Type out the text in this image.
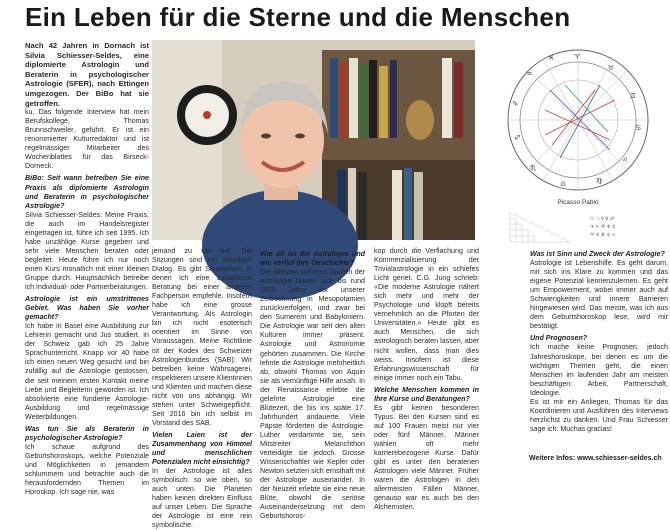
Ein Leben für die Sterne und die Menschen

Nach 42 Jahren in Dornach ist Silvia Schiesser-Seldes, eine diplomierte Astrologin und Beraterin in psychologischer Astrologie (SFER), nach Ettingen umgezogen. Der BiBo hat sie getroffen.

ku. Das folgende Interview hat mein Berufskollege, Thomas Brunnschweiler, geführt. Er ist ein renommierter Kulturredaktor und ist regelmässiger Mitarbeiter des Wochenblattes für das Birseck-Dorneck.

BiBo: Seit wann betreiben Sie eine Praxis als diplomierte Astrologin und Beraterin in psychologischer Astrologie?

Silvia Schiesser-Seldes: Meine Praxis, die auch im Handelsregister eingetragen ist, führe ich seit 1995. Ich habe unzählige Kurse gegeben und sehr viele Menschen beraten oder begleitet. Heute führe ich nur noch einen Kurs monatlich mit einer kleinen Gruppe durch. Hauptsächlich betreibe ich Individual- oder Partnerberatungen.

Astrologie ist ein umstrittenes Gebiet. Was haben Sie vorher gemacht?

Ich habe in Basel eine Ausbildung zur Lehrerin gemacht und Jus studiert. In der Schweiz gab ich 25 Jahre Sprachunterricht. Knapp vor 40 habe ich einen neuen Weg gesucht und bin zufällig auf die Astrologie gestossen, die seit meinem ersten Kontakt meine Liebe und Begleiterin geworden ist. Ich absolvierte eine fundierte Astrologie-Ausbildung und regelmässige Weiterbildungen.

Was tun Sie als Beraterin in psychologischer Astrologie?

Ich schaue aufgrund des Geburtshoroskops, welche Potenziale und Möglichkeiten in jemandem schlummern und betrachte auch die herausfordernden Themen im Horoskop. Ich sage nie, was

♈
♉
♊
♋
♌
♍
♎
♏
♐
♑
♒
♓
Picasso Pablo
☉ ☽ ☿ ♀ ♂
♃ ♄ ♅ ♆ ♇
♈ ♉ ♊ ♋ ♌

jemand zu tun hat. Die Sitzungen sind ein ständiger Dialog. Es gibt Situationen, in denen ich eine zusätzliche Beratung bei einer anderen Fachperson empfehle. Insofern habe ich eine grosse Verantwortung. Als Astrologin bin ich nicht esoterisch orientiert im Sinne von Voraussagen. Meine Richtlinie ist der Kodex des Schweizer Astrologenbundes (SAB): Wir betreiben keine Wahrsagerei, respektieren unsere Klientinnen und Klienten und machen diese nicht von uns abhängig. Wir stehen unter Schweigepflicht. Seit 2016 bin ich selbst im Vorstand des SAB.

Vielen Laien ist der Zusammenhang von Himmel und menschlichen Potenzialen nicht einsichtig?

In der Astrologie ist alles symbolisch: so wie oben, so auch unten. Die Planeten haben keinen direkten Einfluss auf unser Leben. Die Sprache der Astrologie ist eine rein symbolische.

Wie alt ist die Astrologie und wie verlief ihre Geschichte?

Die ältesten sicheren Spuren der Astrologie lassen sich bis rund 2500 Jahre vor unserer Zeitrechnung in Mesopotamien zurückverfolgen, und zwar bei den Sumerern und Babyloniern. Die Astrologie war seit den alten Kulturen immer präsent. Astrologie und Astronomie gehörten zusammen. Die Kirche lehnte die Astrologie mehrheitlich ab, obwohl Thomas von Aquin sie als vernünftige Hilfe ansah. In der Renaissance erlebte die gelehrte Astrologie eine Blütezeit, die bis ins späte 17. Jahrhundert andauerte. Viele Päpste förderten die Astrologie. Luther verdammte sie, sein Mitstreiter Melanchthon verteidigte sie jedoch. Grosse Wissenschaftler wie Kepler oder Newton setzten sich ernsthaft mit der Astrologie auseinander. In der Neuzeit erlebte sie eine neue Blüte, obwohl die seriöse Auseinandersetzung mit dem Geburtshoros-

kop durch die Verflachung und Kommerzialisierung der Trivialastrologie in ein schiefes Licht geriet. C.G. Jung schrieb: «Die moderne Astrologie nähert sich mehr und mehr der Psychologie und klopft bereits vernehmlich an die Pforten der Universitäten.» Heute gibt es auch Menschen, die sich astrologisch beraten lassen, aber nicht wollen, dass man dies weiss. Insofern ist diese Erfahrungswissenschaft für einige immer noch ein Tabu.

Welche Menschen kommen in Ihre Kurse und Beratungen?

Es gibt keinen besonderen Typus. Bei den Kursen sind es auf 100 Frauen meist nur vier oder fünf Männer. Männer wählen oft mehr karrierebezogene Kurse. Dafür gibt es unter den beratenen Astrologen viele Männer. Früher waren die Astrologen in den allermeisten Fällen Männer, genauso war es auch bei den Alchemisten.

Was ist Sinn und Zweck der Astrologie?

Astrologie ist Lebenshilfe. Es geht darum, mit sich ins Klare zu kommen und das eigene Potenzial kennenzulernen. Es geht um Empowerment, wobei immer auch auf Schwierigkeiten und innere Barrieren hingewiesen wird. Das meiste, was ich aus dem Geburtshoroskop lese, wird mir bestätigt.

Und Prognosen?

Ich mache keine Prognosen, jedoch Jahreshoroskope, bei denen es um die wichtigen Themen geht, die einen Menschen im laufenden Jahr am meisten beschäftigen: Arbeit, Partnerschaft, Ideologie.

Es ist mir ein Anliegen, Thomas für das Koordinieren und Ausführen des Interviews herzlichst zu danken. Und Frau Schiesser sage ich: Muchas gracias!

Weitere Infos: www.schiesser-seldes.ch
